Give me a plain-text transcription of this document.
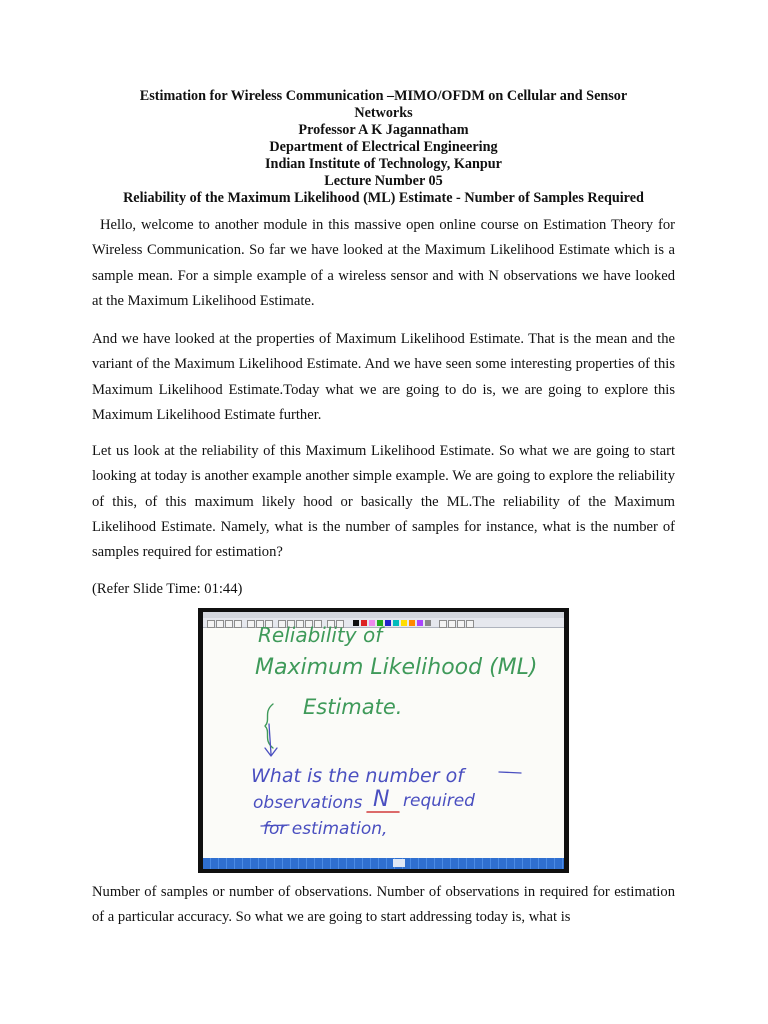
Estimation for Wireless Communication –MIMO/OFDM on Cellular and Sensor
Networks
Professor A K Jagannatham
Department of Electrical Engineering
Indian Institute of Technology, Kanpur
Lecture Number 05
Reliability of the Maximum Likelihood (ML) Estimate - Number of Samples Required

Hello, welcome to another module in this massive open online course on Estimation Theory for Wireless Communication. So far we have looked at the Maximum Likelihood Estimate which is a sample mean. For a simple example of a wireless sensor and with N observations we have looked at the Maximum Likelihood Estimate.

And we have looked at the properties of Maximum Likelihood Estimate. That is the mean and the variant of the Maximum Likelihood Estimate. And we have seen some interesting properties of this Maximum Likelihood Estimate.Today what we are going to do is, we are going to explore this Maximum Likelihood Estimate further.

Let us look at the reliability of this Maximum Likelihood Estimate. So what we are going to start looking at today is another example another simple example. We are going to explore the reliability of this, of this maximum likely hood or basically the ML.The reliability of the Maximum Likelihood Estimate. Namely, what is the number of samples for instance, what is the number of samples required for estimation?

(Refer Slide Time: 01:44)

Reliability of
Maximum Likelihood (ML)
Estimate.
What is the number of
observations N required
for estimation,

Number of samples or number of observations. Number of observations in required for estimation of a particular accuracy. So what we are going to start addressing today is, what is
